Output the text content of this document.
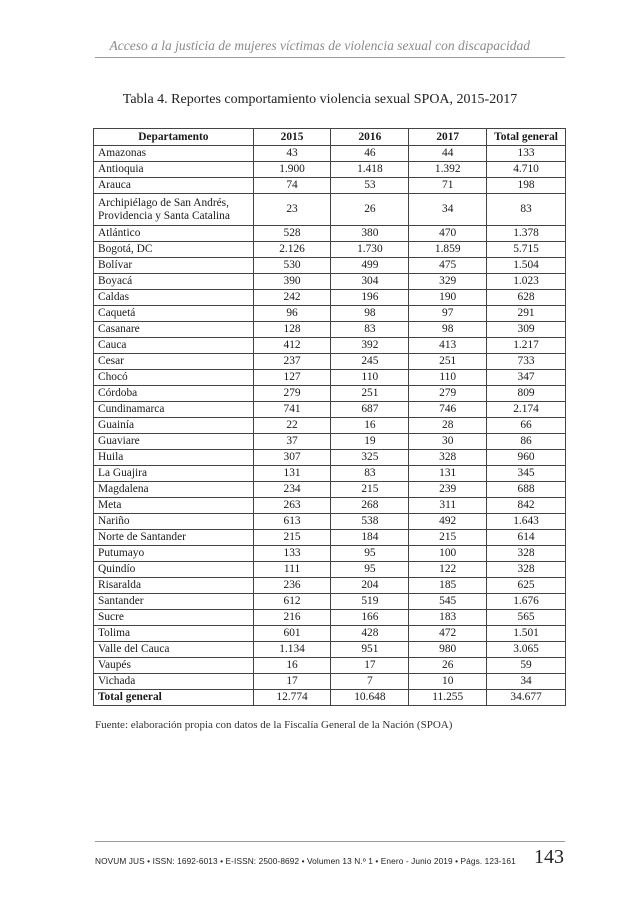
Acceso a la justicia de mujeres víctimas de violencia sexual con discapacidad
Tabla 4. Reportes comportamiento violencia sexual SPOA, 2015-2017
Departamento	2015	2016	2017	Total general
Amazonas	43	46	44	133
Antioquia	1.900	1.418	1.392	4.710
Arauca	74	53	71	198
Archipiélago de San Andrés, Providencia y Santa Catalina	23	26	34	83
Atlántico	528	380	470	1.378
Bogotá, DC	2.126	1.730	1.859	5.715
Bolívar	530	499	475	1.504
Boyacá	390	304	329	1.023
Caldas	242	196	190	628
Caquetá	96	98	97	291
Casanare	128	83	98	309
Cauca	412	392	413	1.217
Cesar	237	245	251	733
Chocó	127	110	110	347
Córdoba	279	251	279	809
Cundinamarca	741	687	746	2.174
Guainía	22	16	28	66
Guaviare	37	19	30	86
Huila	307	325	328	960
La Guajira	131	83	131	345
Magdalena	234	215	239	688
Meta	263	268	311	842
Nariño	613	538	492	1.643
Norte de Santander	215	184	215	614
Putumayo	133	95	100	328
Quindío	111	95	122	328
Risaralda	236	204	185	625
Santander	612	519	545	1.676
Sucre	216	166	183	565
Tolima	601	428	472	1.501
Valle del Cauca	1.134	951	980	3.065
Vaupés	16	17	26	59
Vichada	17	7	10	34
Total general	12.774	10.648	11.255	34.677
Fuente: elaboración propia con datos de la Fiscalía General de la Nación (SPOA)
NOVUM JUS • ISSN: 1692-6013 • E-ISSN: 2500-8692 • Volumen 13 N.º 1 • Enero - Junio 2019 • Págs. 123-161 143
